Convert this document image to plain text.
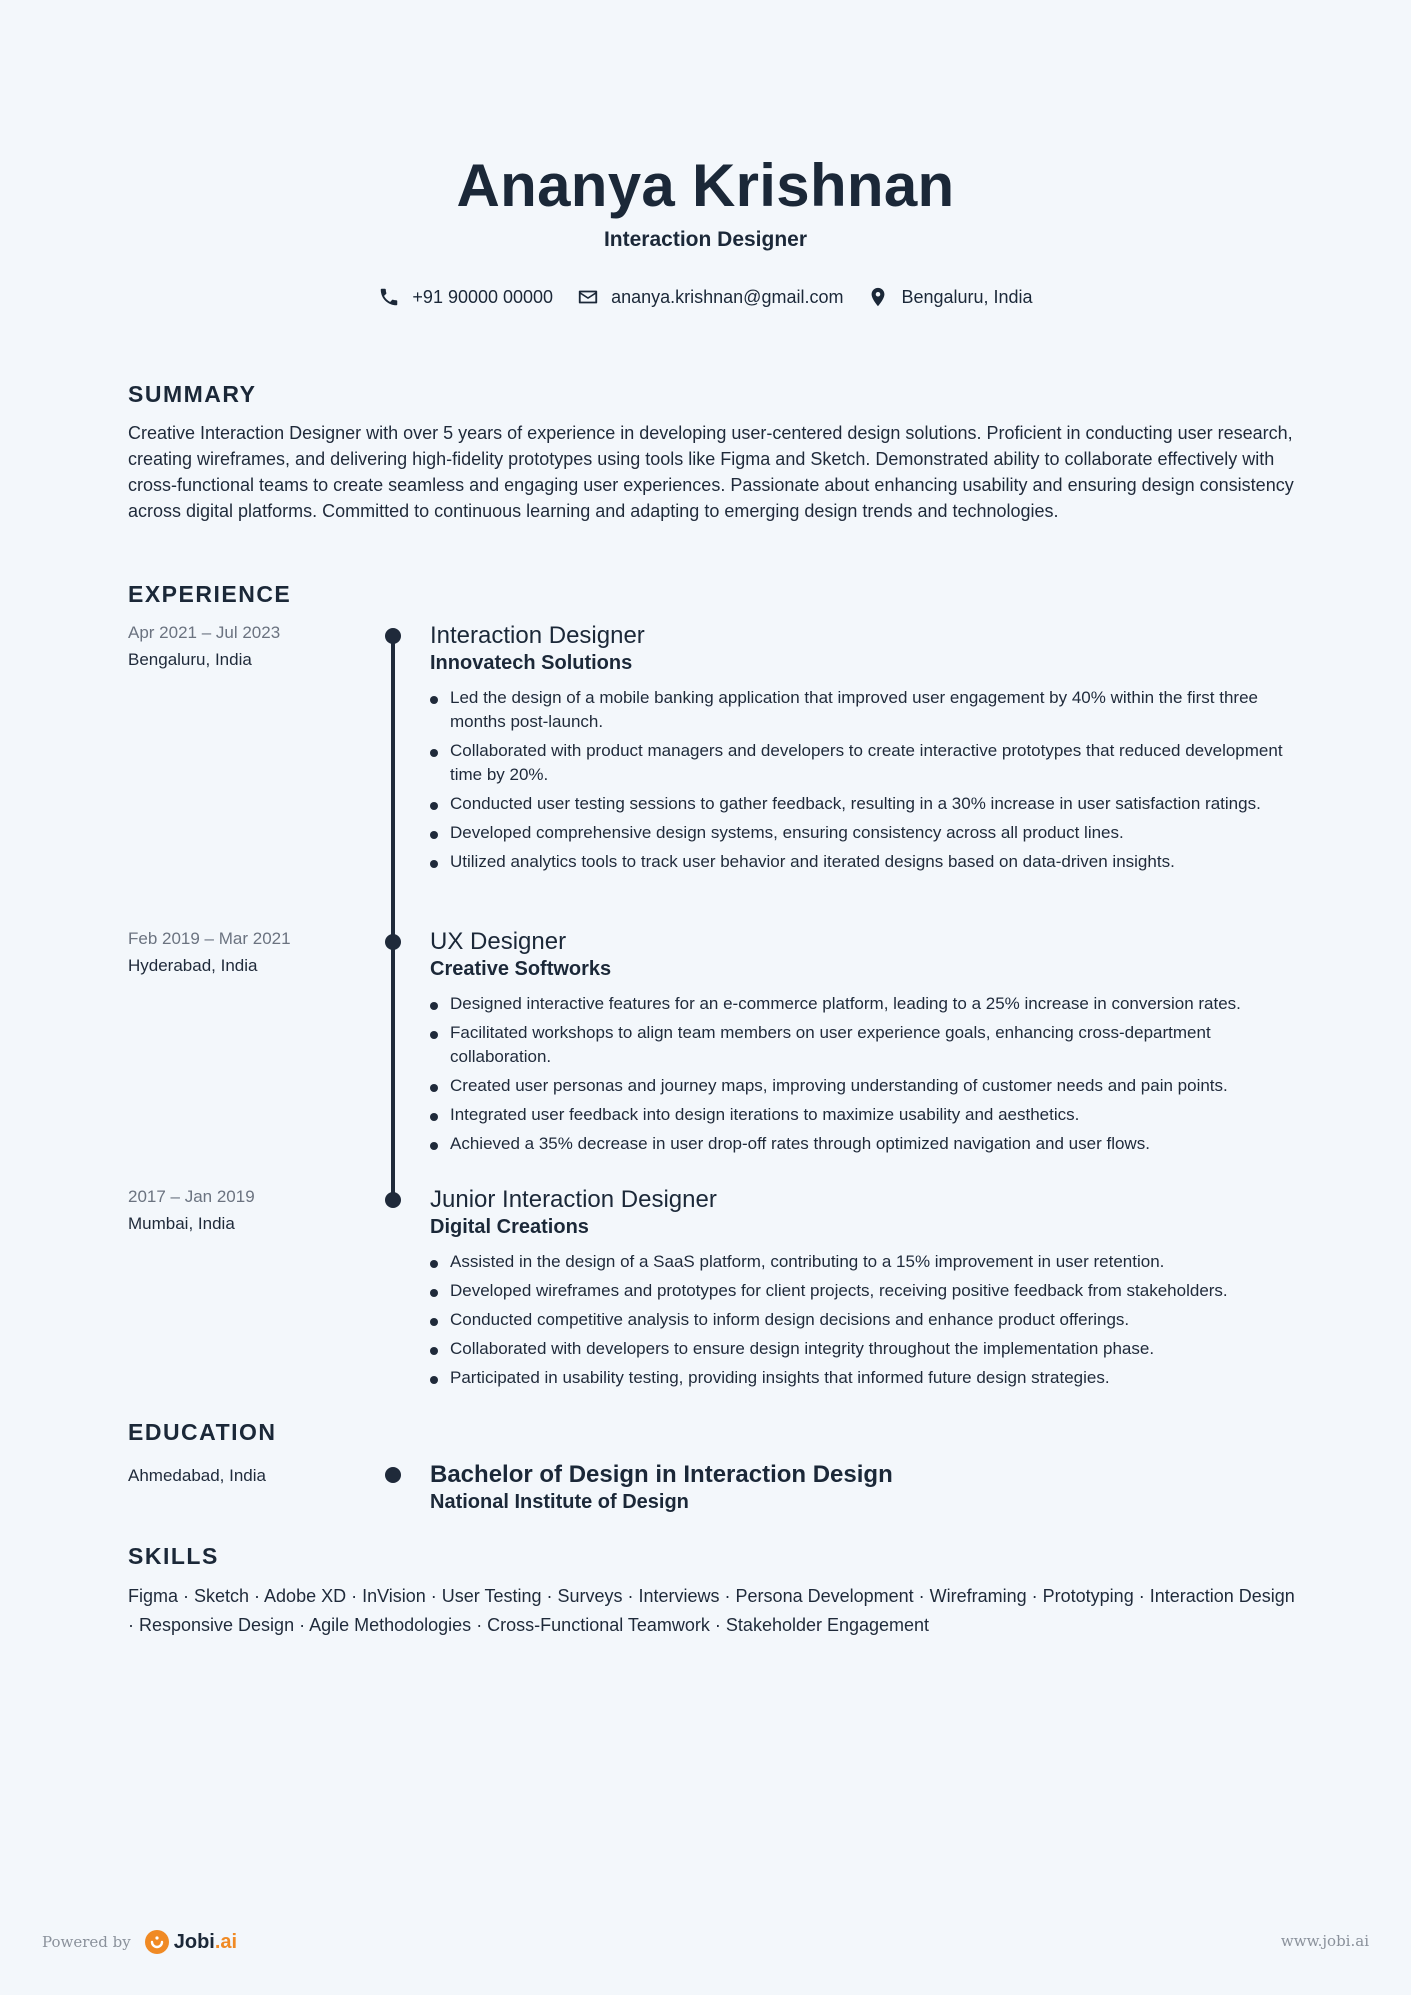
Ananya Krishnan
Interaction Designer
+91 90000 00000	ananya.krishnan@gmail.com	Bengaluru, India
SUMMARY

Creative Interaction Designer with over 5 years of experience in developing user-centered design solutions. Proficient in conducting user research, creating wireframes, and delivering high-fidelity prototypes using tools like Figma and Sketch. Demonstrated ability to collaborate effectively with cross-functional teams to create seamless and engaging user experiences. Passionate about enhancing usability and ensuring design consistency across digital platforms. Committed to continuous learning and adapting to emerging design trends and technologies.

EXPERIENCE
Apr 2021 – Jul 2023
Bengaluru, India
Interaction Designer
Innovatech Solutions
Led the design of a mobile banking application that improved user engagement by 40% within the first three months post-launch.
Collaborated with product managers and developers to create interactive prototypes that reduced development time by 20%.
Conducted user testing sessions to gather feedback, resulting in a 30% increase in user satisfaction ratings.
Developed comprehensive design systems, ensuring consistency across all product lines.
Utilized analytics tools to track user behavior and iterated designs based on data-driven insights.
Feb 2019 – Mar 2021
Hyderabad, India
UX Designer
Creative Softworks
Designed interactive features for an e-commerce platform, leading to a 25% increase in conversion rates.
Facilitated workshops to align team members on user experience goals, enhancing cross-department collaboration.
Created user personas and journey maps, improving understanding of customer needs and pain points.
Integrated user feedback into design iterations to maximize usability and aesthetics.
Achieved a 35% decrease in user drop-off rates through optimized navigation and user flows.
2017 – Jan 2019
Mumbai, India
Junior Interaction Designer
Digital Creations
Assisted in the design of a SaaS platform, contributing to a 15% improvement in user retention.
Developed wireframes and prototypes for client projects, receiving positive feedback from stakeholders.
Conducted competitive analysis to inform design decisions and enhance product offerings.
Collaborated with developers to ensure design integrity throughout the implementation phase.
Participated in usability testing, providing insights that informed future design strategies.
EDUCATION
Ahmedabad, India	Bachelor of Design in Interaction Design
National Institute of Design
SKILLS

Figma · Sketch · Adobe XD · InVision · User Testing · Surveys · Interviews · Persona Development · Wireframing · Prototyping · Interaction Design · Responsive Design · Agile Methodologies · Cross-Functional Teamwork · Stakeholder Engagement

Powered by Jobi.ai	www.jobi.ai
